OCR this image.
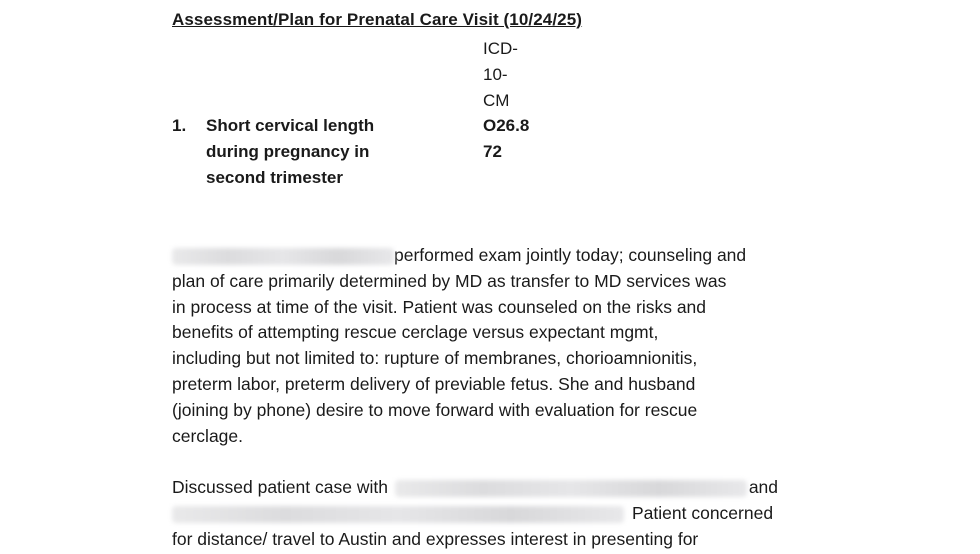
Assessment/Plan for Prenatal Care Visit (10/24/25)
ICD-
10-
CM
1. Short cervical length
during pregnancy in
second trimester
O26.8
72
performed exam jointly today; counseling and
plan of care primarily determined by MD as transfer to MD services was
in process at time of the visit. Patient was counseled on the risks and
benefits of attempting rescue cerclage versus expectant mgmt,
including but not limited to: rupture of membranes, chorioamnionitis,
preterm labor, preterm delivery of previable fetus. She and husband
(joining by phone) desire to move forward with evaluation for rescue
cerclage.
Discussed patient case with	and
Patient concerned
for distance/ travel to Austin and expresses interest in presenting for
